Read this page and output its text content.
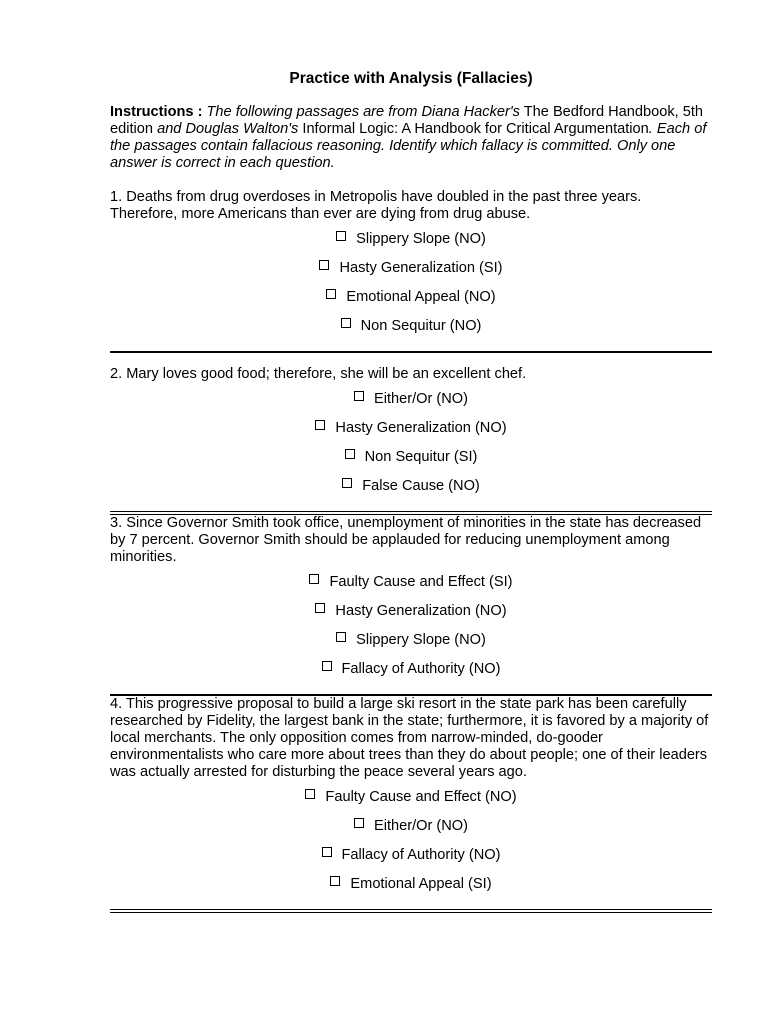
Practice with Analysis (Fallacies)

Instructions : The following passages are from Diana Hacker's The Bedford Handbook, 5th edition and Douglas Walton's Informal Logic: A Handbook for Critical Argumentation. Each of the passages contain fallacious reasoning. Identify which fallacy is committed. Only one answer is correct in each question.

1. Deaths from drug overdoses in Metropolis have doubled in the past three years. Therefore, more Americans than ever are dying from drug abuse.

Slippery Slope (NO)
Hasty Generalization (SI)
Emotional Appeal (NO)
Non Sequitur (NO)

2. Mary loves good food; therefore, she will be an excellent chef.

Either/Or (NO)
Hasty Generalization (NO)
Non Sequitur (SI)
False Cause (NO)

3. Since Governor Smith took office, unemployment of minorities in the state has decreased by 7 percent. Governor Smith should be applauded for reducing unemployment among minorities.

Faulty Cause and Effect (SI)
Hasty Generalization (NO)
Slippery Slope (NO)
Fallacy of Authority (NO)

4. This progressive proposal to build a large ski resort in the state park has been carefully researched by Fidelity, the largest bank in the state; furthermore, it is favored by a majority of local merchants. The only opposition comes from narrow-minded, do-gooder environmentalists who care more about trees than they do about people; one of their leaders was actually arrested for disturbing the peace several years ago.

Faulty Cause and Effect (NO)
Either/Or (NO)
Fallacy of Authority (NO)
Emotional Appeal (SI)
